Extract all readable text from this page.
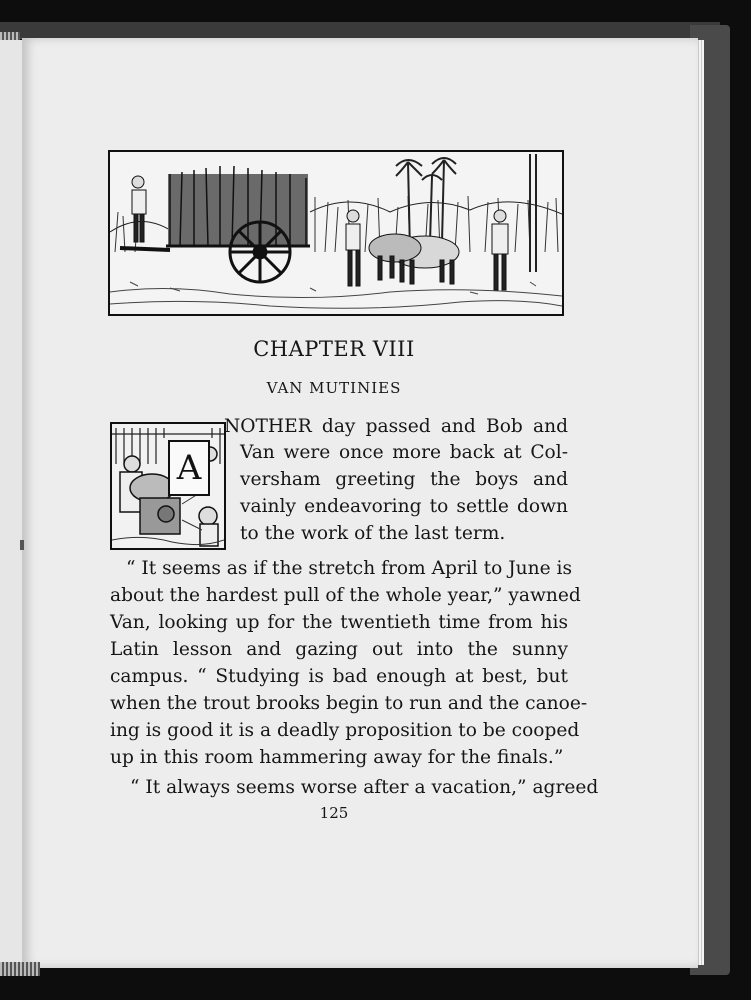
CHAPTER VIII
VAN MUTINIES
A
NOTHER day passed and Bob and
Van were once more back at Col-
versham greeting the boys and
vainly endeavoring to settle down
to the work of the last term.
“ It seems as if the stretch from April to June is
about the hardest pull of the whole year,” yawned
Van, looking up for the twentieth time from his
Latin lesson and gazing out into the sunny
campus. “ Studying is bad enough at best, but
when the trout brooks begin to run and the canoe-
ing is good it is a deadly proposition to be cooped
up in this room hammering away for the finals.”
“ It always seems worse after a vacation,” agreed
125
